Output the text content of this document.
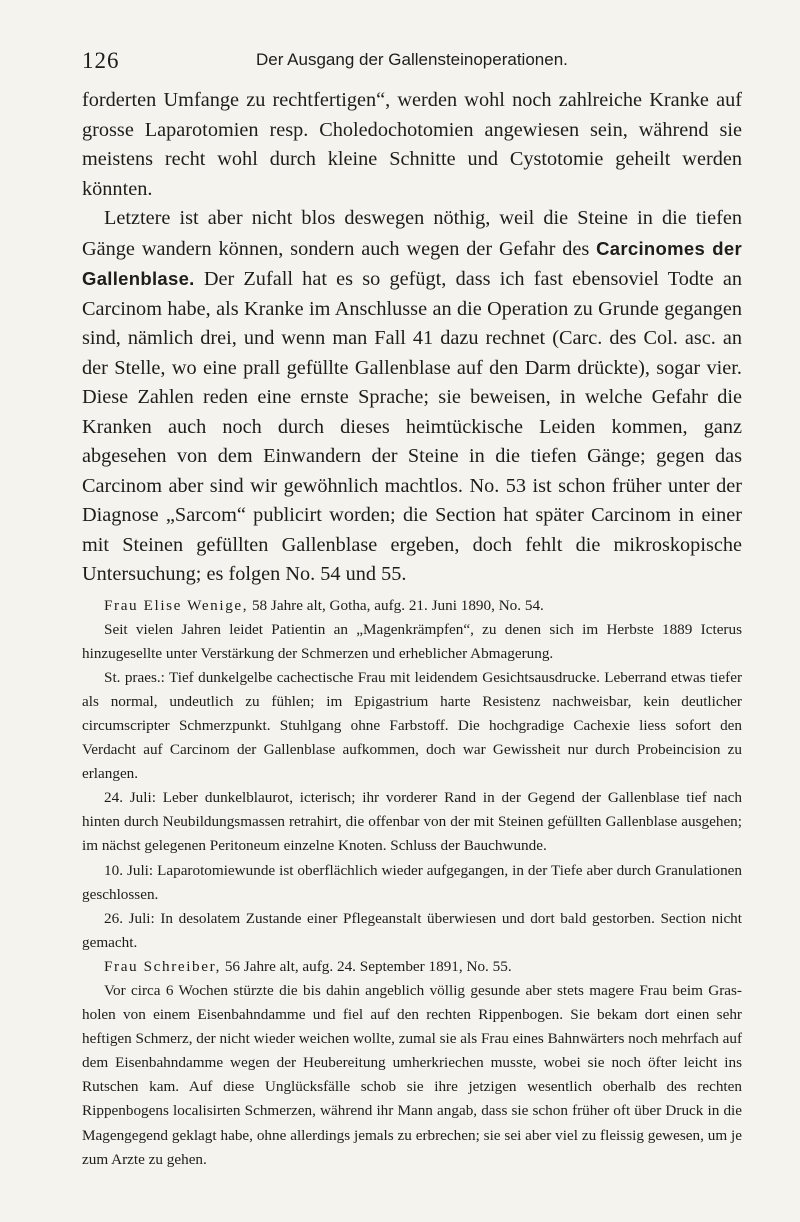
126	Der Ausgang der Gallensteinoperationen.

forderten Umfange zu rechtfertigen“, werden wohl noch zahlreiche Kranke auf grosse Laparotomien resp. Choledochotomien angewiesen sein, während sie meistens recht wohl durch kleine Schnitte und Cystotomie geheilt werden könnten.

Letztere ist aber nicht blos deswegen nöthig, weil die Steine in die tiefen Gänge wandern können, sondern auch wegen der Gefahr des Carcinomes der Gallenblase. Der Zufall hat es so gefügt, dass ich fast ebensoviel Todte an Carcinom habe, als Kranke im Anschlusse an die Operation zu Grunde gegangen sind, nämlich drei, und wenn man Fall 41 dazu rechnet (Carc. des Col. asc. an der Stelle, wo eine prall gefüllte Gallenblase auf den Darm drückte), sogar vier. Diese Zahlen reden eine ernste Sprache; sie beweisen, in welche Gefahr die Kranken auch noch durch dieses heimtückische Leiden kommen, ganz abgesehen von dem Einwandern der Steine in die tiefen Gänge; gegen das Carcinom aber sind wir gewöhnlich machtlos. No. 53 ist schon früher unter der Diagnose „Sarcom“ publicirt worden; die Section hat später Carcinom in einer mit Steinen gefüllten Gallenblase ergeben, doch fehlt die mikroskopische Untersuchung; es folgen No. 54 und 55.

Frau Elise Wenige, 58 Jahre alt, Gotha, aufg. 21. Juni 1890, No. 54.

Seit vielen Jahren leidet Patientin an „Magenkrämpfen“, zu denen sich im Herbste 1889 Icterus hinzugesellte unter Verstärkung der Schmerzen und erheblicher Abmagerung.

St. praes.: Tief dunkelgelbe cachectische Frau mit leidendem Gesichtsausdrucke. Leberrand etwas tiefer als normal, undeutlich zu fühlen; im Epigastrium harte Resistenz nachweisbar, kein deutlicher circumscripter Schmerzpunkt. Stuhlgang ohne Farbstoff. Die hochgradige Cachexie liess sofort den Verdacht auf Carcinom der Gallenblase aufkommen, doch war Gewissheit nur durch Probeincision zu erlangen.

24. Juli: Leber dunkelblaurot, icterisch; ihr vorderer Rand in der Gegend der Gallenblase tief nach hinten durch Neubildungsmassen retrahirt, die offenbar von der mit Steinen gefüllten Gallenblase ausgehen; im nächst gelegenen Peritoneum einzelne Knoten. Schluss der Bauchwunde.

10. Juli: Laparotomiewunde ist oberflächlich wieder aufgegangen, in der Tiefe aber durch Granulationen geschlossen.

26. Juli: In desolatem Zustande einer Pflegeanstalt überwiesen und dort bald gestorben. Section nicht gemacht.

Frau Schreiber, 56 Jahre alt, aufg. 24. September 1891, No. 55.

Vor circa 6 Wochen stürzte die bis dahin angeblich völlig gesunde aber stets magere Frau beim Gras-holen von einem Eisenbahndamme und fiel auf den rechten Rippenbogen. Sie bekam dort einen sehr heftigen Schmerz, der nicht wieder weichen wollte, zumal sie als Frau eines Bahnwärters noch mehrfach auf dem Eisenbahndamme wegen der Heubereitung umherkriechen musste, wobei sie noch öfter leicht ins Rutschen kam. Auf diese Unglücksfälle schob sie ihre jetzigen wesentlich oberhalb des rechten Rippenbogens localisirten Schmerzen, während ihr Mann angab, dass sie schon früher oft über Druck in die Magengegend geklagt habe, ohne allerdings jemals zu erbrechen; sie sei aber viel zu fleissig gewesen, um je zum Arzte zu gehen.
